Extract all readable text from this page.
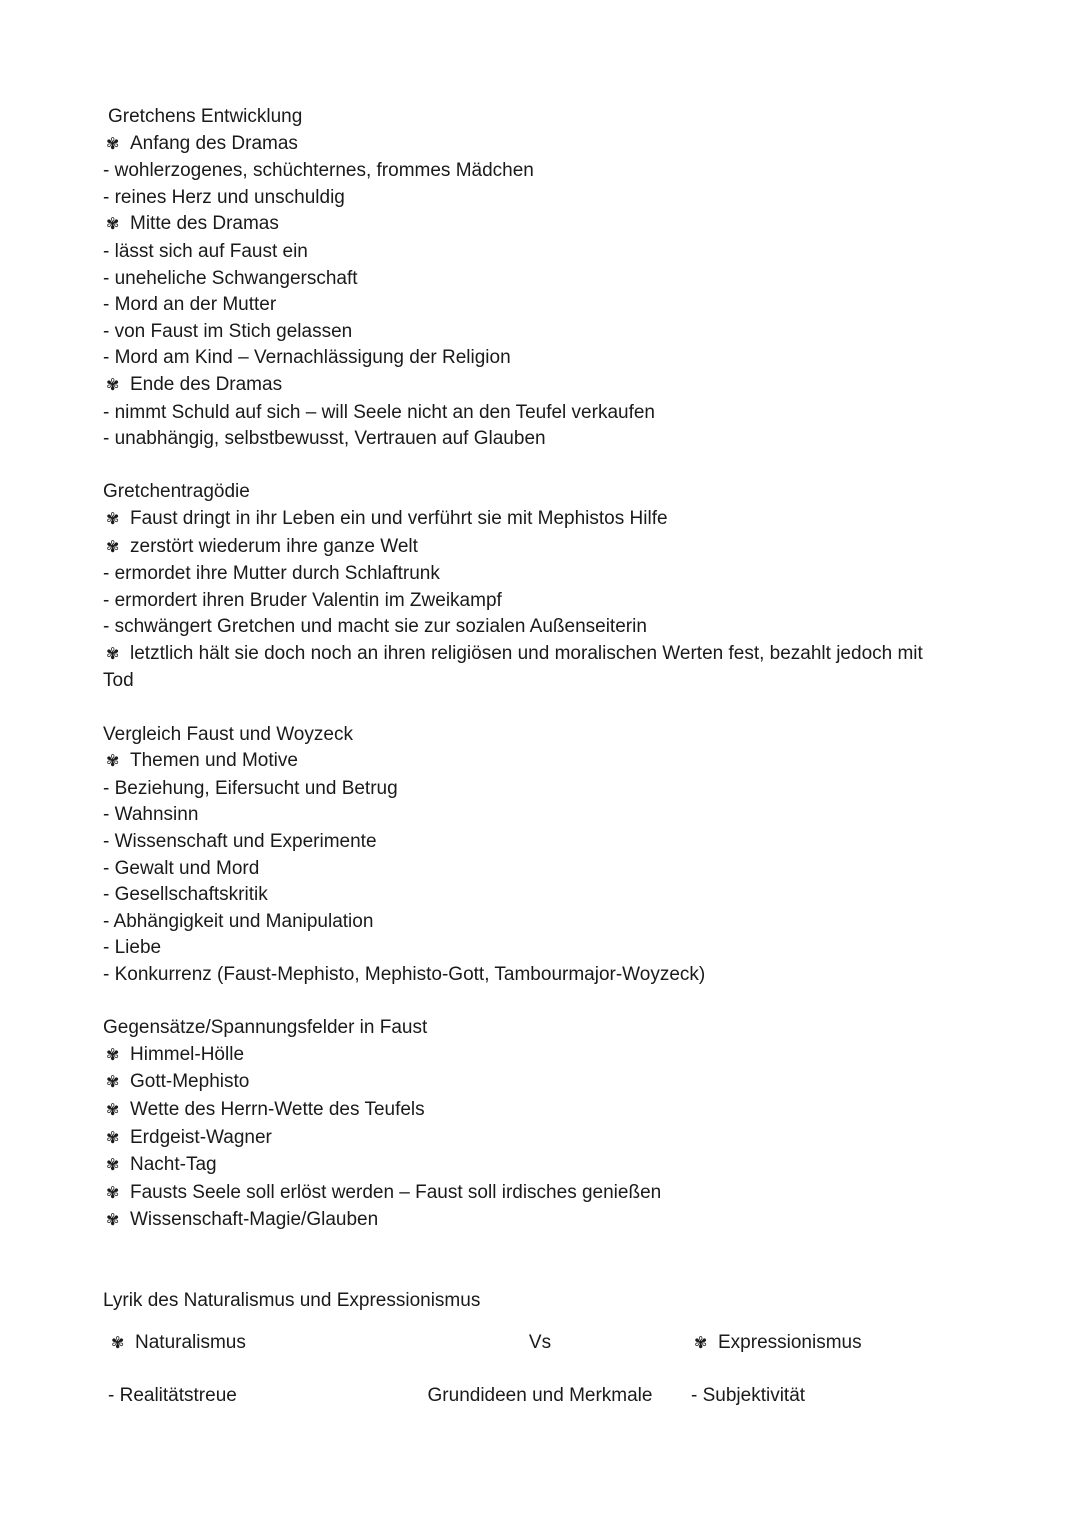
Gretchens Entwicklung
✾ Anfang des Dramas
- wohlerzogenes, schüchternes, frommes Mädchen
- reines Herz und unschuldig
✾ Mitte des Dramas
- lässt sich auf Faust ein
- uneheliche Schwangerschaft
- Mord an der Mutter
- von Faust im Stich gelassen
- Mord am Kind – Vernachlässigung der Religion
✾ Ende des Dramas
- nimmt Schuld auf sich – will Seele nicht an den Teufel verkaufen
- unabhängig, selbstbewusst, Vertrauen auf Glauben
Gretchentragödie
✾ Faust dringt in ihr Leben ein und verführt sie mit Mephistos Hilfe
✾ zerstört wiederum ihre ganze Welt
- ermordet ihre Mutter durch Schlaftrunk
- ermordert ihren Bruder Valentin im Zweikampf
- schwängert Gretchen und macht sie zur sozialen Außenseiterin
✾ letztlich hält sie doch noch an ihren religiösen und moralischen Werten fest, bezahlt jedoch mit
Tod
Vergleich Faust und Woyzeck
✾ Themen und Motive
- Beziehung, Eifersucht und Betrug
- Wahnsinn
- Wissenschaft und Experimente
- Gewalt und Mord
- Gesellschaftskritik
- Abhängigkeit und Manipulation
- Liebe
- Konkurrenz (Faust-Mephisto, Mephisto-Gott, Tambourmajor-Woyzeck)
Gegensätze/Spannungsfelder in Faust
✾ Himmel-Hölle
✾ Gott-Mephisto
✾ Wette des Herrn-Wette des Teufels
✾ Erdgeist-Wagner
✾ Nacht-Tag
✾ Fausts Seele soll erlöst werden – Faust soll irdisches genießen
✾ Wissenschaft-Magie/Glauben
Lyrik des Naturalismus und Expressionismus
✾ Naturalismus	Vs	✾ Expressionismus
- Realitätstreue	Grundideen und Merkmale	- Subjektivität
